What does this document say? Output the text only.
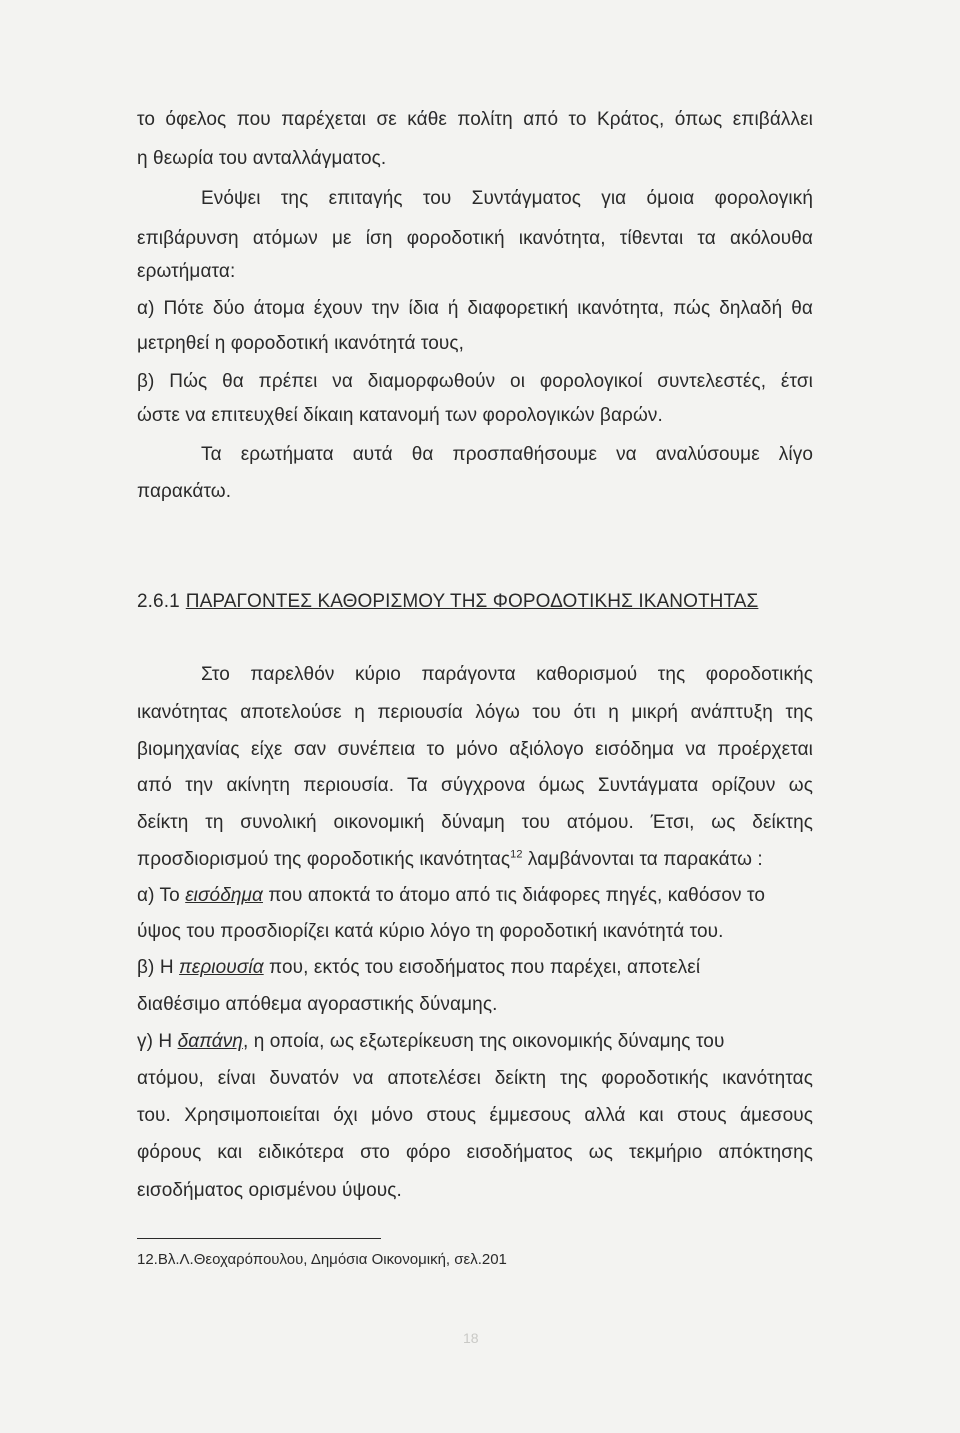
το όφελος που παρέχεται σε κάθε πολίτη από το Κράτος, όπως επιβάλλει
η θεωρία του ανταλλάγματος.
Ενόψει της επιταγής του Συντάγματος για όμοια φορολογική
επιβάρυνση ατόμων με ίση φοροδοτική ικανότητα, τίθενται τα ακόλουθα
ερωτήματα:
α) Πότε δύο άτομα έχουν την ίδια ή διαφορετική ικανότητα, πώς δηλαδή θα
μετρηθεί η φοροδοτική ικανότητά τους,
β) Πώς θα πρέπει να διαμορφωθούν οι φορολογικοί συντελεστές, έτσι
ώστε να επιτευχθεί δίκαιη κατανομή των φορολογικών βαρών.
Τα ερωτήματα αυτά θα προσπαθήσουμε να αναλύσουμε λίγο
παρακάτω.
2.6.1 ΠΑΡΑΓΟΝΤΕΣ ΚΑΘΟΡΙΣΜΟΥ ΤΗΣ ΦΟΡΟΔΟΤΙΚΗΣ ΙΚΑΝΟΤΗΤΑΣ
Στο παρελθόν κύριο παράγοντα καθορισμού της φοροδοτικής
ικανότητας αποτελούσε η περιουσία λόγω του ότι η μικρή ανάπτυξη της
βιομηχανίας είχε σαν συνέπεια το μόνο αξιόλογο εισόδημα να προέρχεται
από την ακίνητη περιουσία. Τα σύγχρονα όμως Συντάγματα ορίζουν ως
δείκτη τη συνολική οικονομική δύναμη του ατόμου. Έτσι, ως δείκτης
προσδιορισμού της φοροδοτικής ικανότητας$^{12}$ λαμβάνονται τα παρακάτω :
α) Το εισόδημα που αποκτά το άτομο από τις διάφορες πηγές, καθόσον το
ύψος του προσδιορίζει κατά κύριο λόγο τη φοροδοτική ικανότητά του.
β) Η περιουσία που, εκτός του εισοδήματος που παρέχει, αποτελεί
διαθέσιμο απόθεμα αγοραστικής δύναμης.
γ) Η δαπάνη, η οποία, ως εξωτερίκευση της οικονομικής δύναμης του
ατόμου, είναι δυνατόν να αποτελέσει δείκτη της φοροδοτικής ικανότητας
του. Χρησιμοποιείται όχι μόνο στους έμμεσους αλλά και στους άμεσους
φόρους και ειδικότερα στο φόρο εισοδήματος ως τεκμήριο απόκτησης
εισοδήματος ορισμένου ύψους.
12.Βλ.Λ.Θεοχαρόπουλου, Δημόσια Οικονομική, σελ.201
18
